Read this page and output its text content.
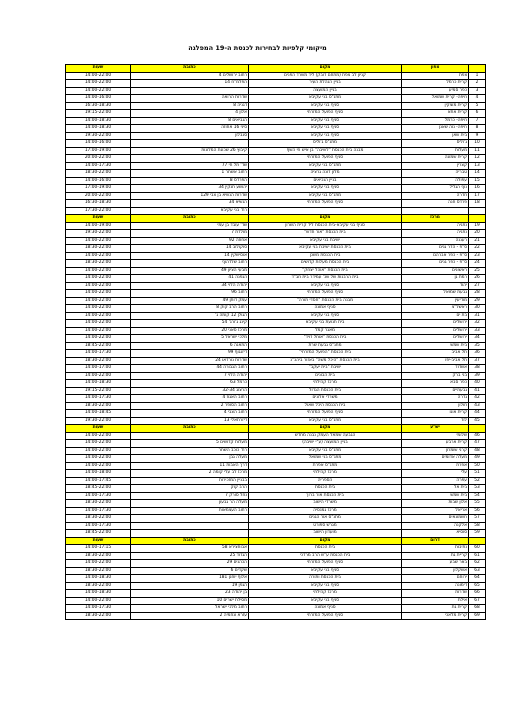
מיקומי קלפיות לבחירות לכנסת ה-19 המפלגה
	צפון	מקום	כתובת	שעות
1	צפת	קניון לב צפת (מתחם דובק) ליד משרד הפנים	רחוב ירושלים 4	14:00-22:00
2	קרית כרמל	בניין הנהלת העיר	הפלמ"ח 14	14:00-22:00
3	כפר סמיע	בניין המועצה		14:00-22:00
4	חיפה- קרית שמואל	מתנ"ס בני עקיבא	שדרות הרואה	14:00-16:00
5	קרית מוצקין	סניף בני עקיבא	דגניה 8	16:30-18:30
6	קרית אתא	סניף הפועל המזרחי	אלון 4	19:15-22:00
7	חיפה- כרמל	סניף בני עקיבא	הנביאים 8	14:00-18:30
8	חיפה- נוה שאנן	סניף בני עקיבא	סיני 16 אחוזה	14:00-18:30
9	בית שאן	סניף בני עקיבא	סנבלון	19:30-22:00
10	ג'וליס	מתנ"ס ג'וליס		14:00-16:00
11	מעלות	מבנה בית הכנסת "לשיבה" בן איש חי השף	קיבוץ 26 שכונת המלונות	17:00-19:00
12	קרית שמונה	סניף הפועל המזרחי		20:00-22:00
13	קצרין	מתנ"ס בני עקיבא	שד' תל חי 77	14:00-17:30
14	טבריה	מלון דונה גרציה	רחוב אשחר 1	18:30-22:00
15	עפולה	בניין הנכיאים	הפרדס 8	14:00-16:00
16	נוף הגליל	סניף בני עקיבא	יהושע חנקין 34	17:00-19:00
17	חדרה	מתנ"ס בני עקיבא	שדרות הנשיא בן צבי 129	20:00-22:00
18	פרדס חנה	סניף הפועל המזרחי	הנשיא 34	16:30-18:30
			רח' בני עקיבא	17:30-22:00
	מרכז	מקום	כתובת	שעות
19	נתניה	סניף בני עקיבא-בית הכנסת ליד קרית השרון	שד' עובד בן עמי	14:00-19:00
20	נתניה	בית הכנסת "אור חדש"	מולדת 7	19:30-22:00
21	רעננה	ישיבת בני עקיבא	אחוזה 92	14:00-22:00
22	ס"פ - הדר גנים	בית הכנסת ישיבת בני עקיבא	סוקולוב 14	18:30-22:00
23	ס"פ - כפר אברהם	בית הכנסת משכן	אוסישקין 14	14:00-22:00
24	ס"פ - כפר גנים	בית הכנסת מעלות קדושים	רחוב שלדהוף	18:30-22:00
25	ראשונים	בית הכנסת "אוהל יצחק"	מבעי הציון 49	14:00-22:00
26	רמת גן	בית הרבנות של שכ' עמידר בית חב"ד	הגפנה 41	14:00-22:00
27	יהוד	סניף בני עקיבא	יהודה הלוי 34	14:00-22:00
28	גבעת שמואל	סניף הפועל המזרחי	רחוב 96	14:00-22:00
29	מודיעין	מבנה בית הכנסת "חסדי תורה"	עמק דותן 49	14:00-22:00
30	ראשל"צ	סניף אמונה	רחוב הרב קוק 8	14:00-22:00
31	בת ים	סניף בני עקיבא	הגולן 12 קומה ג'	14:00-22:00
32	ירושלים	בית תנועת בני עקיבא	קינג ג'ורג' 54	14:00-22:00
33	ירושלים	מאגר קמל	מרכז סאני 20	14:00-22:00
34	ירושלים	בית הכנסת "אוחל דויד"	מלכי ישראל 5	14:00-22:00
35	בית שמש	מתנ"ס גבעת שרת	התאנה 6	18:45-22:00
36	תל אביב	בית הכנסת "הפועל המזרחי"	דיזנגוף 99	14:00-17:30
37	תל אביב-יפו	בית הכנסת "היכל משה" באזור ביהכ"נ	שדרות נורדאו 24	18:30-22:00
38	אשדוד	ישיבת "בית יעקב"	רחוב הגבורה 44	14:00-17:00
39	בני ברק	בית הבונים	יהודה הלוי 7	14:00-22:00
40	כפר סבא	מרכז קהילתי	כרמל 63	14:00-18:30
41	גבעתיים	בית הכנסת הגדול	הרצוג 32-34	19:15-22:00
42	גדרה	משרדי אלונים	רחוב האגוז 4	14:00-17:30
43	חולון	בית הכנסת היכל שאול	רחוב הסופר 2	18:30-22:00
44	קרית אונו	סניף הפועל המזרחי	רחוב הצבי 4	14:00-18:45
45	לוד	מתנ"ס בני עקיבא	דיזרתאלי 13	19:30-22:00
	יש"ע	מקום	כתובת	שעות
46	שלומי	הגבעה שמאל העמק נבנה מחדש		14:00-22:00
47	קרית ארבע	בניין המועצה (ע"י ישיבה)	מעלות קדושים 5	14:00-22:00
48	קרני שומרון	מתנ"ס בני עקיבא	רח' כוכב השחר	14:00-22:00
49	מעלה אדומים	מתנ"ס בני שמואל	מעלה גבן	14:00-22:00
50	אפרת	מתנ"ס אפרת	דרך האבות 11	14:00-22:00
51	עלי	מרכז קהילתי	מרכז לב עלי קומה 2	14:00-18:00
52	עפרה	הספריה	בבניין המזכירות	14:00-17:45
53	בית אל	בית הכנסת	הרב קוק	18:45-22:00
54	בית שמש	בית הכנסת אור ברוך	נחל סורק 7	14:00-17:30
55	אלון שבות	משרדי הישוב	מעלה הר גבעון	18:30-22:00
56	אריאל	מרכז גמנסיה	רחוב העצמאות	14:00-17:30
57	חשמונאים	מתנ"ס אור הגנים		18:30-22:00
58	אלקנה	מגרש ספורט		14:00-17:30
59	סוסיא	מועדון הישוב		18:45-22:00
	דרום	מקום	כתובת	שעות
60	נתיבות	בית הכנסת	אבוחצירא 58	14:00-17:15
61	קריית גת	בית הכנסת ע"ש הרב מרדכי	הגדוד 25	18:30-22:00
62	באר שבע	סניף הפועל המזרחי	הכהנים 29	14:00-22:00
63	אשקלון	סניף בני עקיבא	שקדים 6	18:30-22:00
64	ירוחם	בית הכנסת ותורה	אלוף יוחנן 181	14:00-18:30
65	דימונה	סניף בני עקיבא	הגפן 19	18:30-22:00
66	שדרות	מרכז קהילתי	בן יהודה 23	14:00-18:30
67	אילת	סניף בני עקיבא	מסילת ישרים 10	14:00-22:00
68	קרית גת	סניף אמונה	רחוב מלכי ישראל	14:00-17:30
69	קרית מלאכי	סניף הפועל המזרחי	עזרא ונחמיה 2	18:30-22:00
